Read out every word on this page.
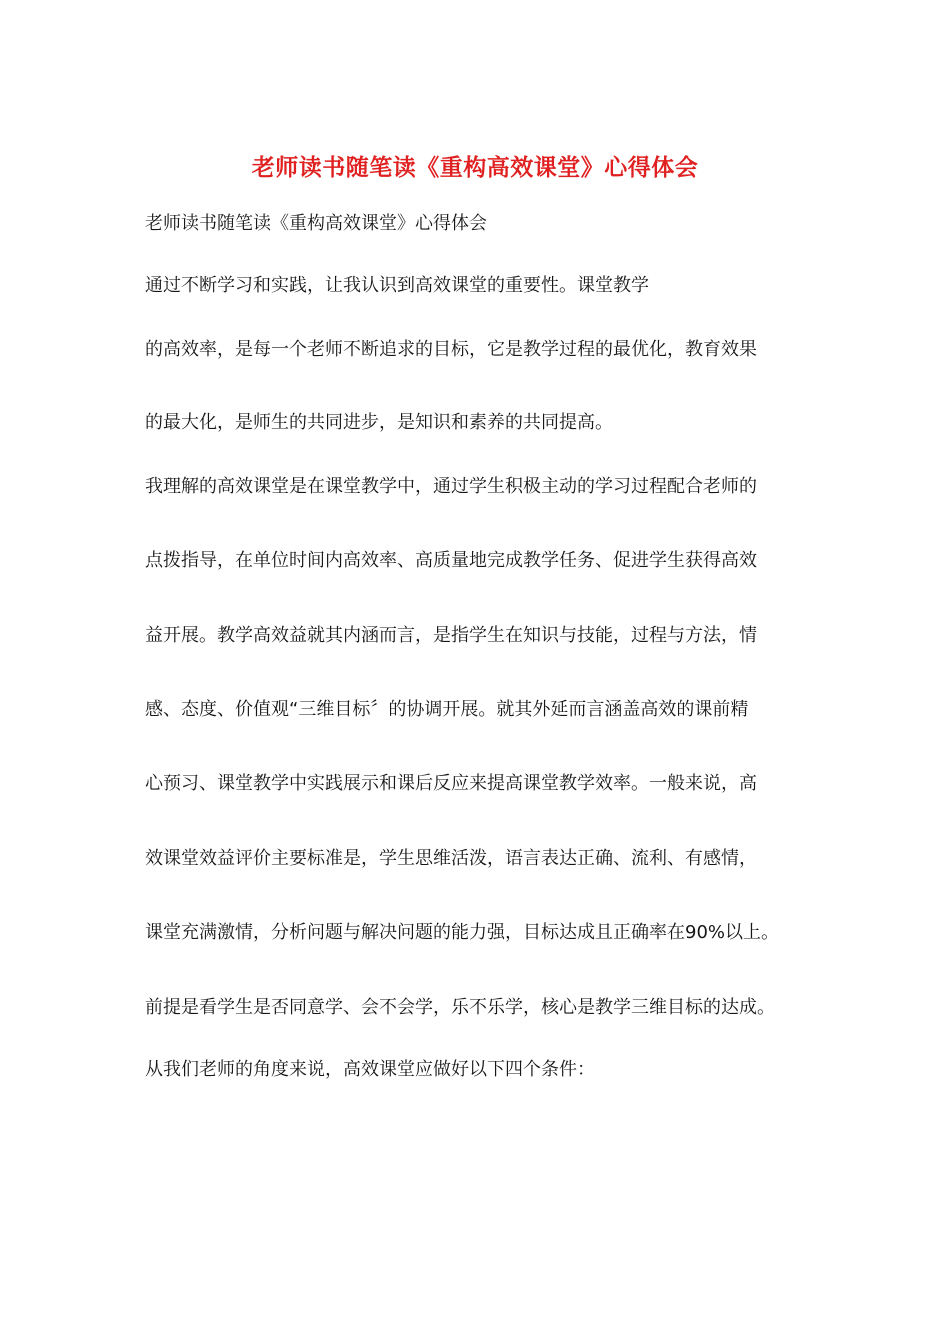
老师读书随笔读《重构高效课堂》心得体会
老师读书随笔读《重构高效课堂》心得体会
通过不断学习和实践，让我认识到高效课堂的重要性。课堂教学
的高效率，是每一个老师不断追求的目标，它是教学过程的最优化，教育效果
的最大化，是师生的共同进步，是知识和素养的共同提高。
我理解的高效课堂是在课堂教学中，通过学生积极主动的学习过程配合老师的
点拨指导，在单位时间内高效率、高质量地完成教学任务、促进学生获得高效
益开展。教学高效益就其内涵而言，是指学生在知识与技能，过程与方法，情
感、态度、价值观“三维目标〞的协调开展。就其外延而言涵盖高效的课前精
心预习、课堂教学中实践展示和课后反应来提高课堂教学效率。一般来说，高
效课堂效益评价主要标准是，学生思维活泼，语言表达正确、流利、有感情，
课堂充满激情，分析问题与解决问题的能力强，目标达成且正确率在90%以上。
前提是看学生是否同意学、会不会学，乐不乐学，核心是教学三维目标的达成。
从我们老师的角度来说，高效课堂应做好以下四个条件：
